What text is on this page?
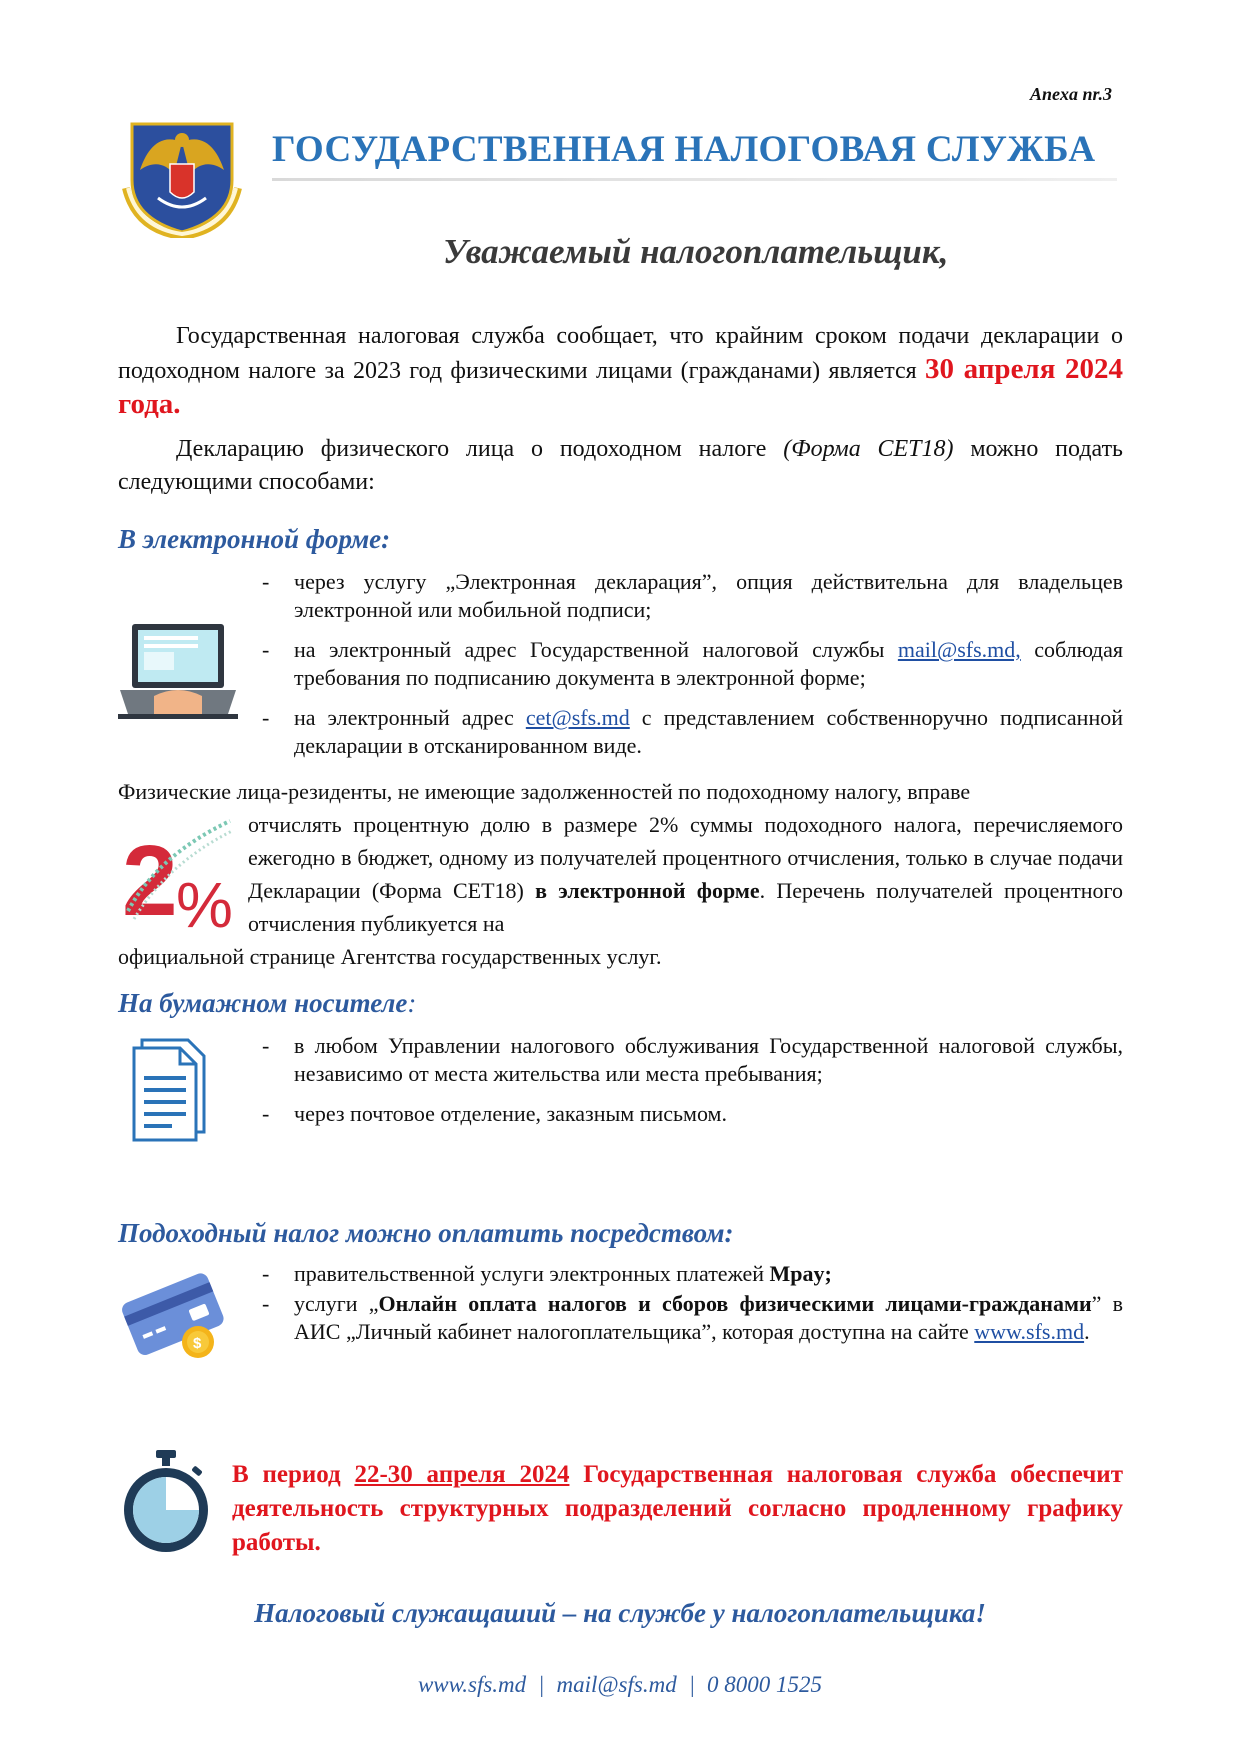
Anexa nr.3
ГОСУДАРСТВЕННАЯ НАЛОГОВАЯ СЛУЖБА
Уважаемый налогоплательщик,

Государственная налоговая служба сообщает, что крайним сроком подачи декларации о подоходном налоге за 2023 год физическими лицами (гражданами) является 30 апреля 2024 года.

Декларацию физического лица о подоходном налоге (Форма CET18) можно подать следующими способами:

В электронной форме:
- через услугу „Электронная декларация”, опция действительна для владельцев электронной или мобильной подписи;
- на электронный адрес Государственной налоговой службы mail@sfs.md, соблюдая требования по подписанию документа в электронной форме;
- на электронный адрес cet@sfs.md с представлением собственноручно подписанной декларации в отсканированном виде.
Физические лица-резиденты, не имеющие задолженностей по подоходному налогу, вправе
2
%
отчислять процентную долю в размере 2% суммы подоходного налога, перечисляемого ежегодно в бюджет, одному из получателей процентного отчисления, только в случае подачи Декларации (Форма CET18) в электронной форме. Перечень получателей процентного отчисления публикуется на
официальной странице Агентства государственных услуг.
На бумажном носителе:
- в любом Управлении налогового обслуживания Государственной налоговой службы, независимо от места жительства или места пребывания;
- через почтовое отделение, заказным письмом.
Подоходный налог можно оплатить посредством:
$
- правительственной услуги электронных платежей Mpay;
- услуги „Онлайн оплата налогов и сборов физическими лицами-гражданами” в АИС „Личный кабинет налогоплательщика”, которая доступна на сайте www.sfs.md.
В период 22-30 апреля 2024 Государственная налоговая служба обеспечит деятельность структурных подразделений согласно продленному графику работы.
Налоговый служащаший – на службе у налогоплательщика!
www.sfs.md | mail@sfs.md | 0 8000 1525
